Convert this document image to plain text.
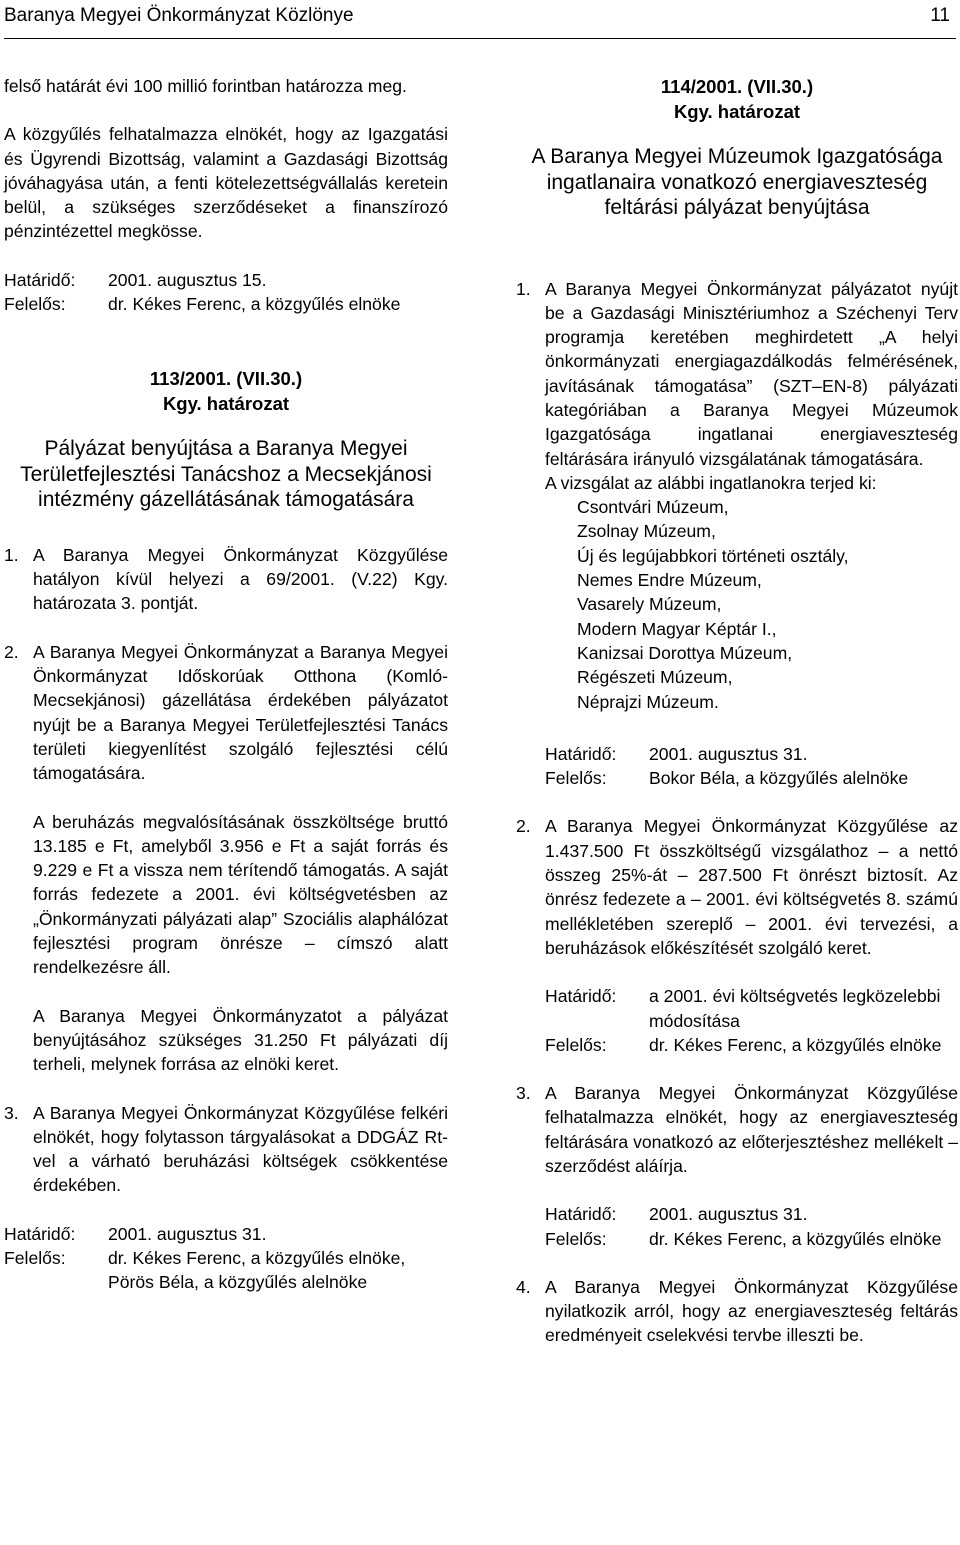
Baranya Megyei Önkormányzat Közlönye	11

felső határát évi 100 millió forintban határozza meg.

A közgyűlés felhatalmazza elnökét, hogy az Igazgatási és Ügyrendi Bizottság, valamint a Gazdasági Bizottság jóváhagyása után, a fenti kötelezettségvállalás keretein belül, a szükséges szerződéseket a finanszírozó pénzintézettel megkösse.

Határidő:	2001. augusztus 15.
Felelős:	dr. Kékes Ferenc, a közgyűlés elnöke

113/2001. (VII.30.)

Kgy. határozat

Pályázat benyújtása a Baranya Megyei Területfejlesztési Tanácshoz a Mecsekjánosi intézmény gázellátásának támogatására

1. A Baranya Megyei Önkormányzat Közgyűlése hatályon kívül helyezi a 69/2001. (V.22) Kgy. határozata 3. pontját.
2. A Baranya Megyei Önkormányzat a Baranya Megyei Önkormányzat Időskorúak Otthona (Komló-Mecsekjánosi) gázellátása érdekében pályázatot nyújt be a Baranya Megyei Területfejlesztési Tanács területi kiegyenlítést szolgáló fejlesztési célú támogatására.

A beruházás megvalósításának összköltsége bruttó 13.185 e Ft, amelyből 3.956 e Ft a saját forrás és 9.229 e Ft a vissza nem térítendő támogatás. A saját forrás fedezete a 2001. évi költségvetésben az „Önkormányzati pályázati alap” Szociális alaphálózat fejlesztési program önrésze – címszó alatt rendelkezésre áll.

A Baranya Megyei Önkormányzatot a pályázat benyújtásához szükséges 31.250 Ft pályázati díj terheli, melynek forrása az elnöki keret.

3. A Baranya Megyei Önkormányzat Közgyűlése felkéri elnökét, hogy folytasson tárgyalásokat a DDGÁZ Rt-vel a várható beruházási költségek csökkentése érdekében.
Határidő:	2001. augusztus 31.
Felelős:	dr. Kékes Ferenc, a közgyűlés elnöke,
Pörös Béla, a közgyűlés alelnöke

114/2001. (VII.30.)

Kgy. határozat

A Baranya Megyei Múzeumok Igazgatósága ingatlanaira vonatkozó energiaveszteség feltárási pályázat benyújtása

1. A Baranya Megyei Önkormányzat pályázatot nyújt be a Gazdasági Minisztériumhoz a Széchenyi Terv programja keretében meghirdetett „A helyi önkormányzati energiagazdálkodás felmérésének, javításának támogatása” (SZT–EN-8) pályázati kategóriában a Baranya Megyei Múzeumok Igazgatósága ingatlanai energiaveszteség feltárására irányuló vizsgálatának támogatására.

A vizsgálat az alábbi ingatlanokra terjed ki:

Csontvári Múzeum,
Zsolnay Múzeum,
Új és legújabbkori történeti osztály,
Nemes Endre Múzeum,
Vasarely Múzeum,
Modern Magyar Képtár I.,
Kanizsai Dorottya Múzeum,
Régészeti Múzeum,
Néprajzi Múzeum.
Határidő:	2001. augusztus 31.
Felelős:	Bokor Béla, a közgyűlés alelnöke
2. A Baranya Megyei Önkormányzat Közgyűlése az 1.437.500 Ft összköltségű vizsgálathoz – a nettó összeg 25%-át – 287.500 Ft önrészt biztosít. Az önrész fedezete a – 2001. évi költségvetés 8. számú mellékletében szereplő – 2001. évi tervezési, a beruházások előkészítését szolgáló keret.
Határidő:	a 2001. évi költségvetés legközelebbi módosítása
Felelős:	dr. Kékes Ferenc, a közgyűlés elnöke
3. A Baranya Megyei Önkormányzat Közgyűlése felhatalmazza elnökét, hogy az energiaveszteség feltárására vonatkozó az előterjesztéshez mellékelt – szerződést aláírja.
Határidő:	2001. augusztus 31.
Felelős:	dr. Kékes Ferenc, a közgyűlés elnöke
4. A Baranya Megyei Önkormányzat Közgyűlése nyilatkozik arról, hogy az energiaveszteség feltárás eredményeit cselekvési tervbe illeszti be.
